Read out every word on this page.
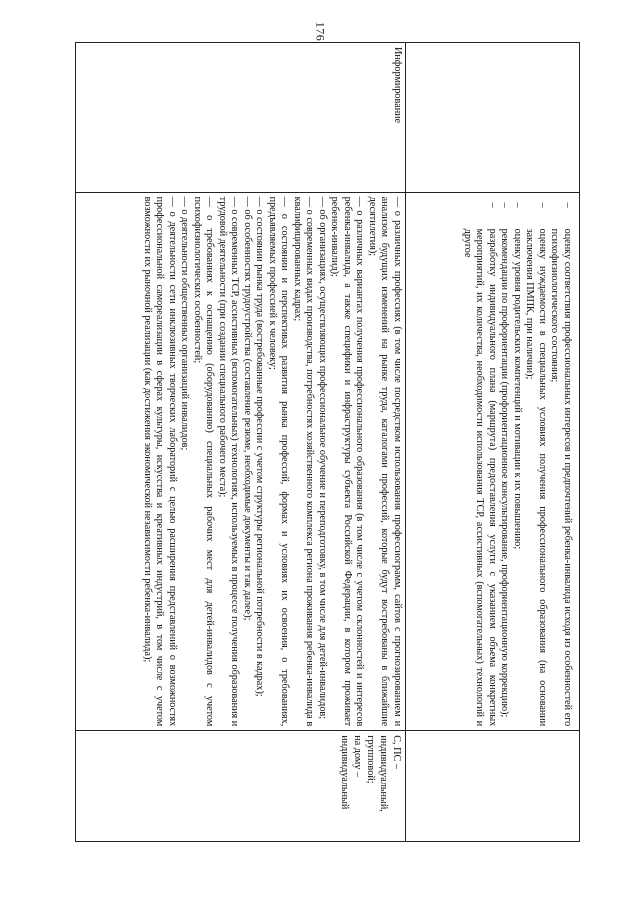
176
–
оценку соответствия профессиональных интересов и предпочтений ребенка-инвалида исходя из особенностей его психофизиологического состояния;
–
оценку нуждаемости в специальных условиях получения профессионального образования (на основании заключения ПМПК, при наличии);
–
оценку уровня родительских компетенций и мотивации к их повышению;
–
рекомендации по профориентации (профориентационное консультирование, профориентационную коррекцию);
–
разработку индивидуального плана (маршрута) предоставления услуги с указанием объема конкретных мероприятий, их количества, необходимости использования ТСР, ассистивных (вспомогательных) технологий и другое
Информирование

— о различных профессиях (в том числе посредством использования профессиограмм, сайтов с прогнозированием и анализом будущих изменений на рынке труда, каталогами профессий, которые будут востребованы в ближайшие десятилетия);

— о различных вариантах получения профессионального образования (в том числе с учетом склонностей и интересов ребенка-инвалида, а также специфики и инфраструктуры субъекта Российской Федерации, в котором проживает ребенок-инвалид);

— об организациях, осуществляющих профессиональное обучение и переподготовку, в том числе для детей-инвалидов;

— о современных видах производства, потребностях хозяйственного комплекса региона проживания ребенка-инвалида в квалифицированных кадрах;

— о состоянии и перспективах развития рынка профессий, формах и условиях их освоения, о требованиях, предъявляемых профессией к человеку;

— о состоянии рынка труда (востребованные профессии с учетом структуры региональной потребности в кадрах);

— об особенностях трудоустройства (составление резюме, необходимые документы и так далее);

— о современных ТСР, ассистивных (вспомогательных) технологиях, используемых в процессе получения образования и трудовой деятельности (при создании специального рабочего места);

— о требованиях к оснащению (оборудованию) специальных рабочих мест для детей-инвалидов с учетом психофизиологических особенностей;

— о деятельности общественных организаций инвалидов;

— о деятельности сети инклюзивных творческих лабораторий с целью расширения представлений о возможностях профессиональной самореализации в сферах культуры, искусства и креативных индустрий, в том числе с учетом возможности их рыночной реализации (как достижения экономической независимости ребенка-инвалида);

С, ПС –

индивидуальный,

групповой;

на дому –

индивидуальный
